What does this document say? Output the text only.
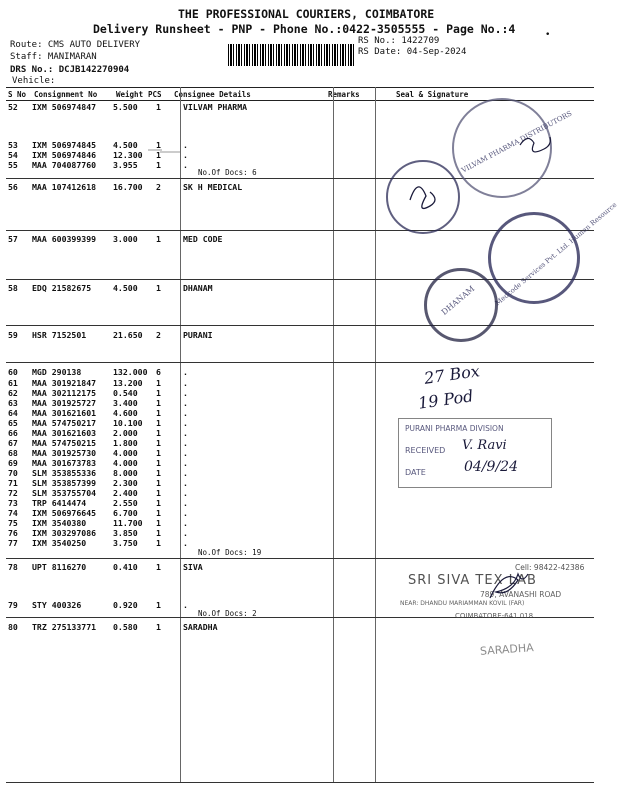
THE PROFESSIONAL COURIERS, COIMBATORE
Delivery Runsheet - PNP - Phone No.:0422-3505555 - Page No.:4
Route: CMS AUTO DELIVERY
Staff: MANIMARAN
DRS No.: DCJB142270904
Vehicle:
RS No.: 1422709
RS Date: 04-Sep-2024
•
S No	Consignment No	Weight	PCS	Consignee Details	Remarks	Seal & Signature
52 IXM 506974847 5.500 1	VILVAM PHARMA
53 IXM 506974845 4.500 1	.
54 IXM 506974846 12.300 1	.
55 MAA 704087760 3.955 1	.
56 MAA 107412618 16.700 2	SK H MEDICAL
57 MAA 600399399 3.000 1	MED CODE
58 EDQ 21582675	4.500 1	DHANAM
59 HSR 7152501	21.650 2	PURANI
60 MGD 290138	132.000 6	.
61 MAA 301921847 13.200 1	.
62 MAA 302112175 0.540 1	.
63 MAA 301925727 3.400 1	.
64 MAA 301621601 4.600 1	.
65 MAA 574750217 10.100 1	.
66 MAA 301621603 2.000 1	.
67 MAA 574750215 1.800 1	.
68 MAA 301925730 4.000 1	.
69 MAA 301673783 4.000 1	.
70 SLM 353855336 8.000 1	.
71 SLM 353857399 2.300 1	.
72 SLM 353755704 2.400 1	.
73 TRP 6414474	2.550 1	.
74 IXM 506976645 6.700 1	.
75 IXM 3540380	11.700 1	.
76 IXM 303297086 3.850 1	.
77 IXM 3540250	3.750 1	.
78 UPT 8116270	0.410 1	SIVA
79 STY 400326	0.920 1	.
80 TRZ 275133771 0.580 1	SARADHA
No.Of Docs: 6
No.Of Docs: 19
No.Of Docs: 2
VILVAM PHARMA DISTRIBUTORS
Medcode Services Pvt. Ltd. Human Resource
DHANAM
PURANI PHARMA DIVISION
RECEIVED
DATE
Cell: 98422-42386
SRI SIVA TEX LAB
789, AVANASHI ROAD
NEAR: DHANDU MARIAMMAN KOVIL (FAR)
COIMBATORE-641 018.
SARADHA
27 Box
19 Pod
V. Ravi
04/9/24
